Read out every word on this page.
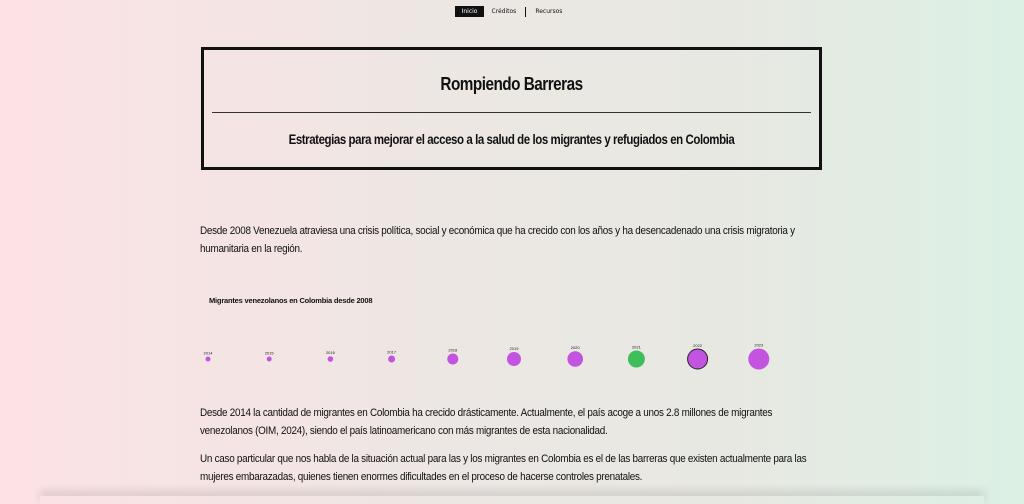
Inicio	Créditos	Recursos
Rompiendo Barreras
Estrategias para mejorar el acceso a la salud de los migrantes y refugiados en Colombia

Desde 2008 Venezuela atraviesa una crisis política, social y económica que ha crecido con los años y ha desencadenado una crisis migratoria y humanitaria en la región.

Migrantes venezolanos en Colombia desde 2008
2014	2015	2016	2017	2018	2019	2020	2021	2022	2023

Desde 2014 la cantidad de migrantes en Colombia ha crecido drásticamente. Actualmente, el país acoge a unos 2.8 millones de migrantes venezolanos (OIM, 2024), siendo el país latinoamericano con más migrantes de esta nacionalidad.

Un caso particular que nos habla de la situación actual para las y los migrantes en Colombia es el de las barreras que existen actualmente para las mujeres embarazadas, quienes tienen enormes dificultades en el proceso de hacerse controles prenatales.
